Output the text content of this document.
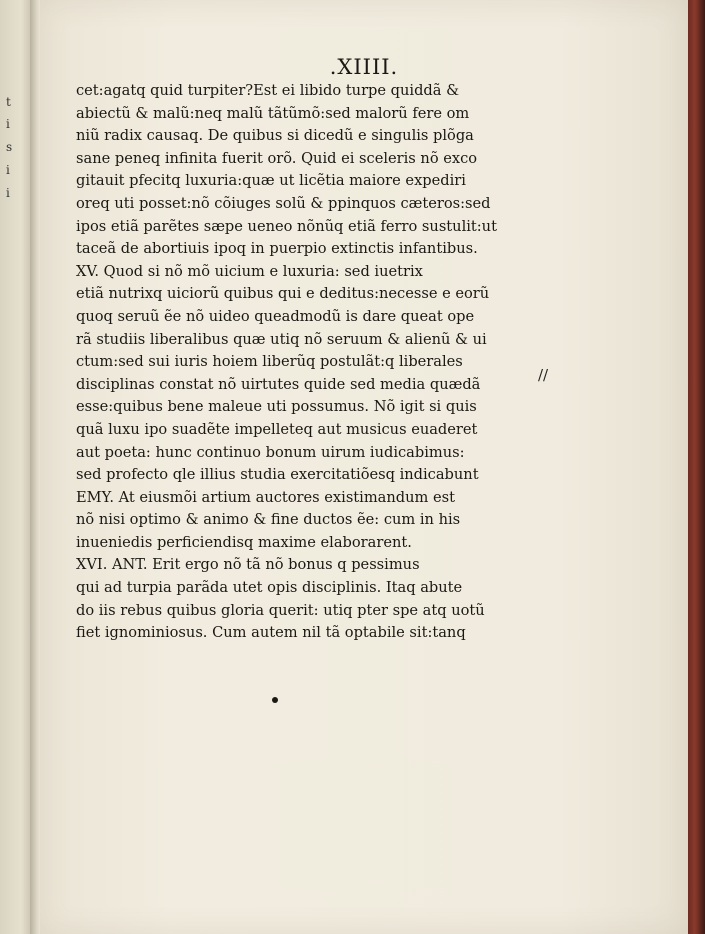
t
i
s
i
i
.XIIII.
cet:agatq quid turpiter?Est ei libido turpe quiddã &
abiectũ & malũ:neq malũ tãtũmõ:sed malorũ fere om
niũ radix causaq. De quibus si dicedũ e singulis plõga
sane peneq infinita fuerit orõ. Quid ei sceleris nõ exco
gitauit pfecitq luxuria:quæ ut licẽtia maiore expediri
oreq uti posset:nõ cõiuges solũ & ppinquos cæteros:sed
ipos etiã parẽtes sæpe ueneo nõnũq etiã ferro sustulit:ut
taceã de abortiuis ipoq in puerpio extinctis infantibus.
XV. Quod si nõ mõ uicium e luxuria: sed iuetrix
etiã nutrixq uiciorũ quibus qui e deditus:necesse e eorũ
quoq seruũ ẽe nõ uideo queadmodũ is dare queat ope
rã studiis liberalibus quæ utiq nõ seruum & alienũ & ui
ctum:sed sui iuris hoiem liberũq postulãt:q liberales
disciplinas constat nõ uirtutes quide sed media quædã
esse:quibus bene maleue uti possumus. Nõ igit si quis
quã luxu ipo suadẽte impelleteq aut musicus euaderet
aut poeta: hunc continuo bonum uirum iudicabimus:
sed profecto qle illius studia exercitatiõesq indicabunt
EMY. At eiusmõi artium auctores existimandum est
nõ nisi optimo & animo & fine ductos ẽe: cum in his
inueniedis perficiendisq maxime elaborarent.
XVI. ANT. Erit ergo nõ tã nõ bonus q pessimus
qui ad turpia parãda utet opis disciplinis. Itaq abute
do iis rebus quibus gloria querit: utiq pter spe atq uotũ
fiet ignominiosus. Cum autem nil tã optabile sit:tanq
//
